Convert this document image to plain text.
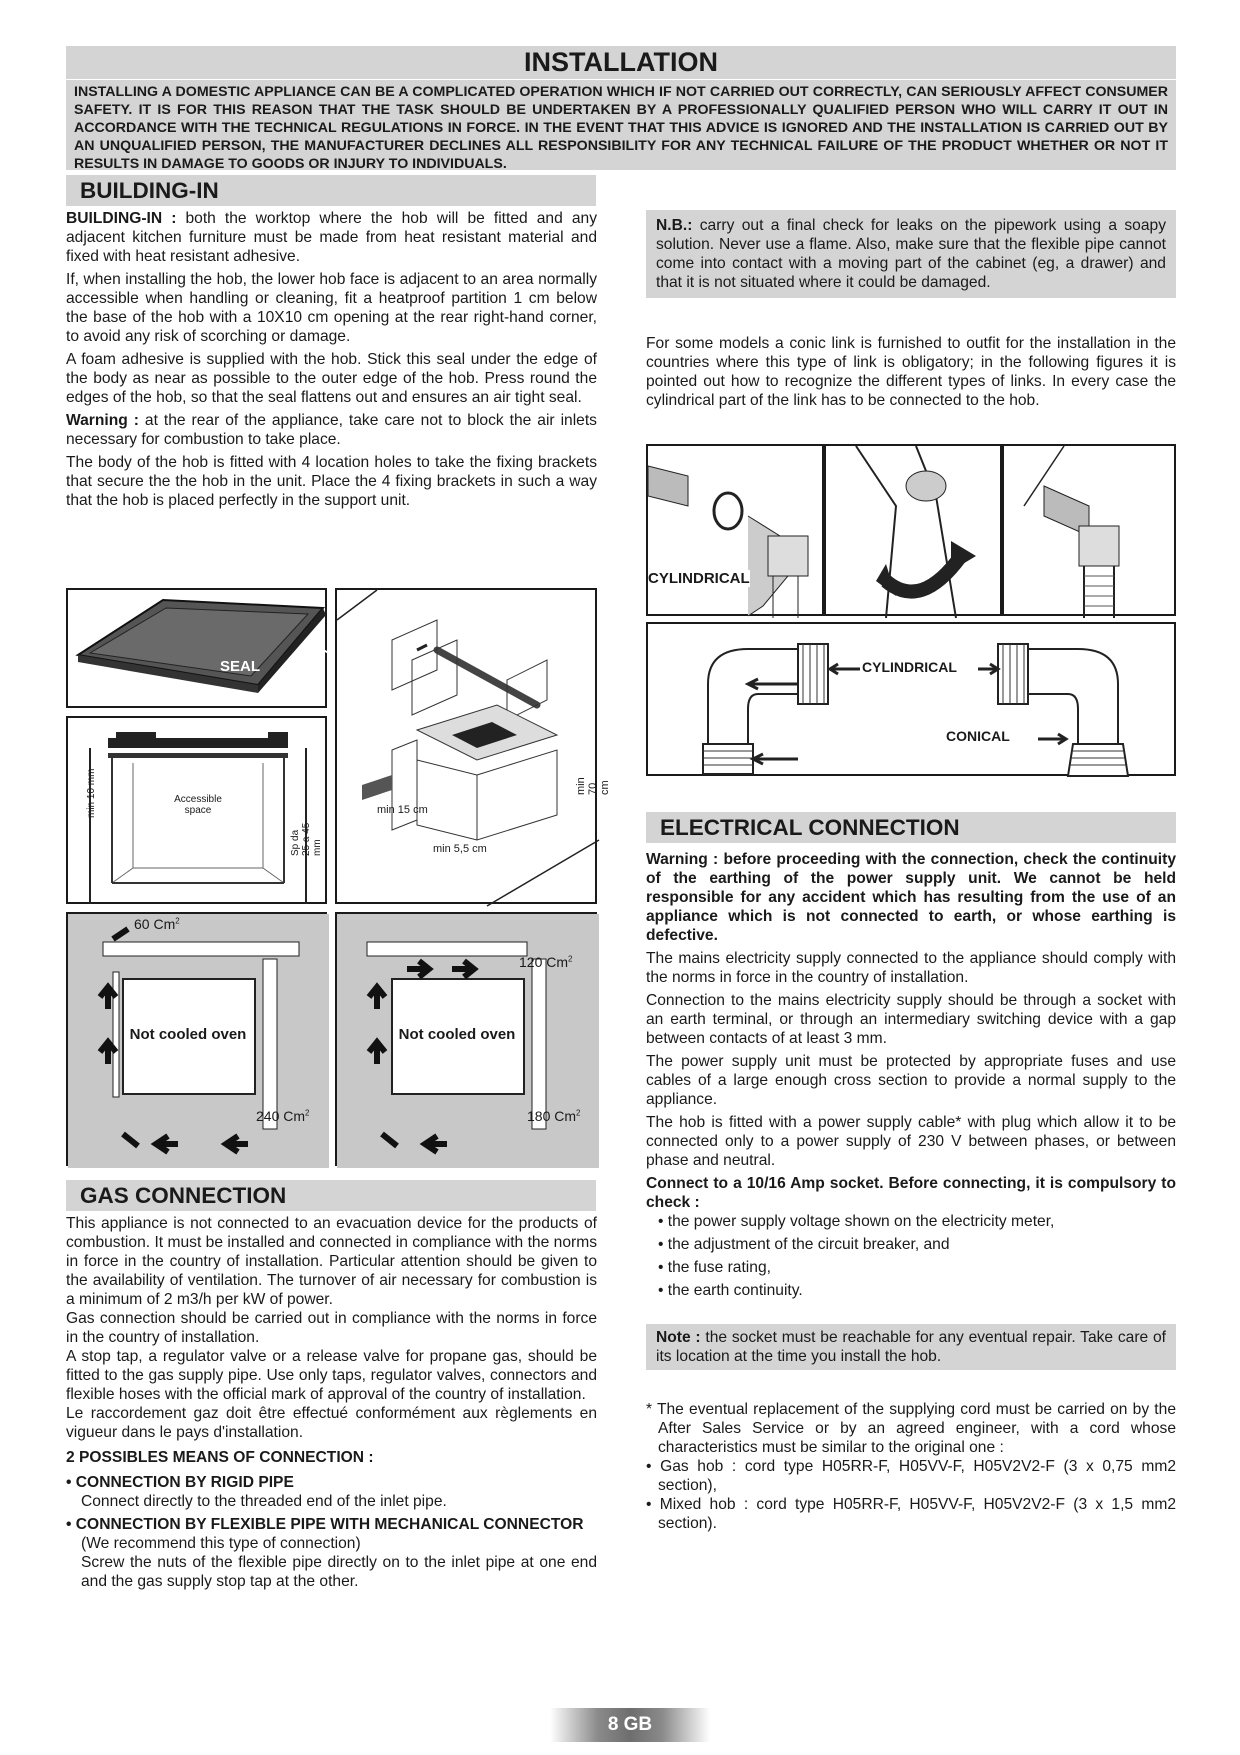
INSTALLATION
INSTALLING A DOMESTIC APPLIANCE CAN BE A COMPLICATED OPERATION WHICH IF NOT CARRIED OUT CORRECTLY, CAN SERIOUSLY AFFECT CONSUMER SAFETY. IT IS FOR THIS REASON THAT THE TASK SHOULD BE UNDERTAKEN BY A PROFESSIONALLY QUALIFIED PERSON WHO WILL CARRY IT OUT IN ACCORDANCE WITH THE TECHNICAL REGULATIONS IN FORCE. IN THE EVENT THAT THIS ADVICE IS IGNORED AND THE INSTALLATION IS CARRIED OUT BY AN UNQUALIFIED PERSON, THE MANUFACTURER DECLINES ALL RESPONSIBILITY FOR ANY TECHNICAL FAILURE OF THE PRODUCT WHETHER OR NOT IT RESULTS IN DAMAGE TO GOODS OR INJURY TO INDIVIDUALS.
BUILDING-IN

BUILDING-IN : both the worktop where the hob will be fitted and any adjacent kitchen furniture must be made from heat resistant material and fixed with heat resistant adhesive.

If, when installing the hob, the lower hob face is adjacent to an area normally accessible when handling or cleaning, fit a heatproof partition 1 cm below the base of the hob with a 10X10 cm opening at the rear right-hand corner, to avoid any risk of scorching or damage.

A foam adhesive is supplied with the hob. Stick this seal under the edge of the body as near as possible to the outer edge of the hob. Press round the edges of the hob, so that the seal flattens out and ensures an air tight seal.

Warning : at the rear of the appliance, take care not to block the air inlets necessary for combustion to take place.

The body of the hob is fitted with 4 location holes to take the fixing brackets that secure the the hob in the unit. Place the 4 fixing brackets in such a way that the hob is placed perfectly in the support unit.

SEAL
min 10 mm	Accessible space
Sp da 25 a 45 mm
min 15 cm
min 5,5 cm
min 70 cm
60 Cm$^2$
240 Cm$^2$
Not cooled oven
120 Cm$^2$
180 Cm$^2$
Not cooled oven
GAS CONNECTION

This appliance is not connected to an evacuation device for the products of combustion. It must be installed and connected in compliance with the norms in force in the country of installation. Particular attention should be given to the availability of ventilation. The turnover of air necessary for combustion is a minimum of 2 m3/h per kW of power.

Gas connection should be carried out in compliance with the norms in force in the country of installation.

A stop tap, a regulator valve or a release valve for propane gas, should be fitted to the gas supply pipe. Use only taps, regulator valves, connectors and flexible hoses with the official mark of approval of the country of installation.

Le raccordement gaz doit être effectué conformément aux règlements en vigueur dans le pays d'installation.

2 POSSIBLES MEANS OF CONNECTION :

• CONNECTION BY RIGID PIPE

Connect directly to the threaded end of the inlet pipe.

• CONNECTION BY FLEXIBLE PIPE WITH MECHANICAL CONNECTOR

(We recommend this type of connection)

Screw the nuts of the flexible pipe directly on to the inlet pipe at one end and the gas supply stop tap at the other.

N.B.: carry out a final check for leaks on the pipework using a soapy solution. Never use a flame. Also, make sure that the flexible pipe cannot come into contact with a moving part of the cabinet (eg, a drawer) and that it is not situated where it could be damaged.

For some models a conic link is furnished to outfit for the installation in the countries where this type of link is obligatory; in the following figures it is pointed out how to recognize the different types of links. In every case the cylindrical part of the link has to be connected to the hob.

CYLINDRICAL
CYLINDRICAL
CONICAL
ELECTRICAL CONNECTION

Warning : before proceeding with the connection, check the continuity of the earthing of the power supply unit. We cannot be held responsible for any accident which has resulting from the use of an appliance which is not connected to earth, or whose earthing is defective.

The mains electricity supply connected to the appliance should comply with the norms in force in the country of installation.

Connection to the mains electricity supply should be through a socket with an earth terminal, or through an intermediary switching device with a gap between contacts of at least 3 mm.

The power supply unit must be protected by appropriate fuses and use cables of a large enough cross section to provide a normal supply to the appliance.

The hob is fitted with a power supply cable* with plug which allow it to be connected only to a power supply of 230 V between phases, or between phase and neutral.

Connect to a 10/16 Amp socket. Before connecting, it is compulsory to check :

• the power supply voltage shown on the electricity meter,

• the adjustment of the circuit breaker, and

• the fuse rating,

• the earth continuity.

Note : the socket must be reachable for any eventual repair. Take care of its location at the time you install the hob.

* The eventual replacement of the supplying cord must be carried on by the After Sales Service or by an agreed engineer, with a cord whose characteristics must be similar to the original one :

• Gas hob : cord type H05RR-F, H05VV-F, H05V2V2-F (3 x 0,75 mm2 section),

• Mixed hob : cord type H05RR-F, H05VV-F, H05V2V2-F (3 x 1,5 mm2 section).

8 GB
